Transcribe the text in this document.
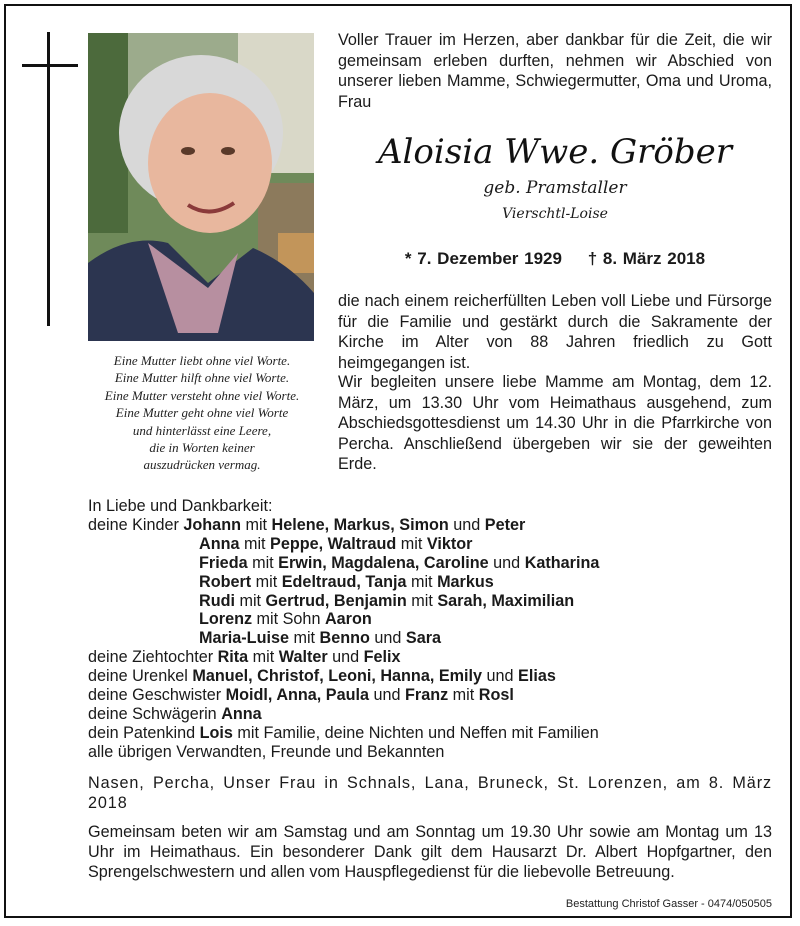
Eine Mutter liebt ohne viel Worte.
Eine Mutter hilft ohne viel Worte.
Eine Mutter versteht ohne viel Worte.
Eine Mutter geht ohne viel Worte
und hinterlässt eine Leere,
die in Worten keiner
auszudrücken vermag.
Voller Trauer im Herzen, aber dankbar für die Zeit, die wir gemeinsam erleben durften, nehmen wir Abschied von unserer lieben Mamme, Schwiegermutter, Oma und Uroma, Frau
Aloisia Wwe. Gröber
geb. Pramstaller
Vierschtl-Loise
* 7. Dezember 1929 † 8. März 2018
die nach einem reicherfüllten Leben voll Liebe und Fürsorge für die Familie und gestärkt durch die Sakramente der Kirche im Alter von 88 Jahren friedlich zu Gott heimgegangen ist.
Wir begleiten unsere liebe Mamme am Montag, dem 12. März, um 13.30 Uhr vom Heimathaus ausgehend, zum Abschiedsgottesdienst um 14.30 Uhr in die Pfarrkirche von Percha. Anschließend übergeben wir sie der geweihten Erde.
In Liebe und Dankbarkeit:
deine Kinder Johann mit Helene, Markus, Simon und Peter
Anna mit Peppe, Waltraud mit Viktor
Frieda mit Erwin, Magdalena, Caroline und Katharina
Robert mit Edeltraud, Tanja mit Markus
Rudi mit Gertrud, Benjamin mit Sarah, Maximilian
Lorenz mit Sohn Aaron
Maria-Luise mit Benno und Sara
deine Ziehtochter Rita mit Walter und Felix
deine Urenkel Manuel, Christof, Leoni, Hanna, Emily und Elias
deine Geschwister Moidl, Anna, Paula und Franz mit Rosl
deine Schwägerin Anna
dein Patenkind Lois mit Familie, deine Nichten und Neffen mit Familien
alle übrigen Verwandten, Freunde und Bekannten
Nasen, Percha, Unser Frau in Schnals, Lana, Bruneck, St. Lorenzen, am 8. März 2018
Gemeinsam beten wir am Samstag und am Sonntag um 19.30 Uhr sowie am Montag um 13 Uhr im Heimathaus. Ein besonderer Dank gilt dem Hausarzt Dr. Albert Hopfgartner, den Sprengelschwestern und allen vom Hauspflegedienst für die liebevolle Betreuung.
Bestattung Christof Gasser - 0474/050505
